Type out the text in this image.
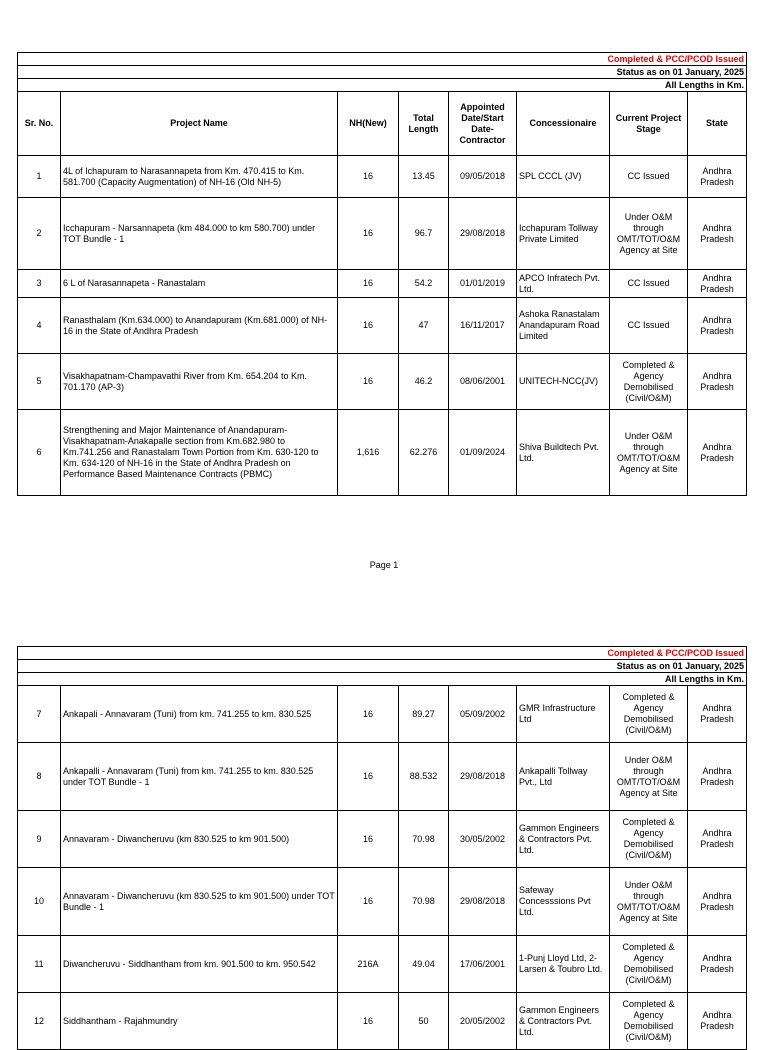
Completed & PCC/PCOD Issued							
Status as on 01 January, 2025							
All Lengths in Km.							
Sr. No.	Project Name	NH(New)	Total Length	Appointed Date/Start Date-Contractor	Concessionaire	Current Project Stage	State
1	4L of Ichapuram to Narasannapeta from Km. 470.415 to Km. 581.700 (Capacity Augmentation) of NH-16 (Old NH-5)	16	13.45	09/05/2018	SPL CCCL (JV)	CC Issued	Andhra Pradesh
2	Icchapuram - Narsannapeta (km 484.000 to km 580.700) under TOT Bundle - 1	16	96.7	29/08/2018	Icchapuram Tollway Private Limited	Under O&M through OMT/TOT/O&M Agency at Site	Andhra Pradesh
3	6 L of Narasannapeta - Ranastalam	16	54.2	01/01/2019	APCO Infratech Pvt. Ltd.	CC Issued	Andhra Pradesh
4	Ranasthalam (Km.634.000) to Anandapuram (Km.681.000) of NH-16 in the State of Andhra Pradesh	16	47	16/11/2017	Ashoka Ranastalam Anandapuram Road Limited	CC Issued	Andhra Pradesh
5	Visakhapatnam-Champavathi River from Km. 654.204 to Km. 701.170 (AP-3)	16	46.2	08/06/2001	UNITECH-NCC(JV)	Completed & Agency Demobilised (Civil/O&M)	Andhra Pradesh
6	Strengthening and Major Maintenance of Anandapuram-Visakhapatnam-Anakapalle section from Km.682.980 to Km.741.256 and Ranastalam Town Portion from Km. 630-120 to Km. 634-120 of NH-16 in the State of Andhra Pradesh on Performance Based Maintenance Contracts (PBMC)	1,616	62.276	01/09/2024	Shiva Buildtech Pvt. Ltd.	Under O&M through OMT/TOT/O&M Agency at Site	Andhra Pradesh
Page 1
Completed & PCC/PCOD Issued							
Status as on 01 January, 2025							
All Lengths in Km.							
7	Ankapali - Annavaram (Tuni) from km. 741.255 to km. 830.525	16	89.27	05/09/2002	GMR Infrastructure Ltd	Completed & Agency Demobilised (Civil/O&M)	Andhra Pradesh
8	Ankapalli - Annavaram (Tuni) from km. 741.255 to km. 830.525 under TOT Bundle - 1	16	88.532	29/08/2018	Ankapalli Tollway Pvt., Ltd	Under O&M through OMT/TOT/O&M Agency at Site	Andhra Pradesh
9	Annavaram - Diwancheruvu (km 830.525 to km 901.500)	16	70.98	30/05/2002	Gammon Engineers & Contractors Pvt. Ltd.	Completed & Agency Demobilised (Civil/O&M)	Andhra Pradesh
10	Annavaram - Diwancheruvu (km 830.525 to km 901.500) under TOT Bundle - 1	16	70.98	29/08/2018	Safeway Concesssions Pvt Ltd.	Under O&M through OMT/TOT/O&M Agency at Site	Andhra Pradesh
11	Diwancheruvu - Siddhantham from km. 901.500 to km. 950.542	216A	49.04	17/06/2001	1-Punj Lloyd Ltd, 2-Larsen & Toubro Ltd.	Completed & Agency Demobilised (Civil/O&M)	Andhra Pradesh
12	Siddhantham - Rajahmundry	16	50	20/05/2002	Gammon Engineers & Contractors Pvt. Ltd.	Completed & Agency Demobilised (Civil/O&M)	Andhra Pradesh
